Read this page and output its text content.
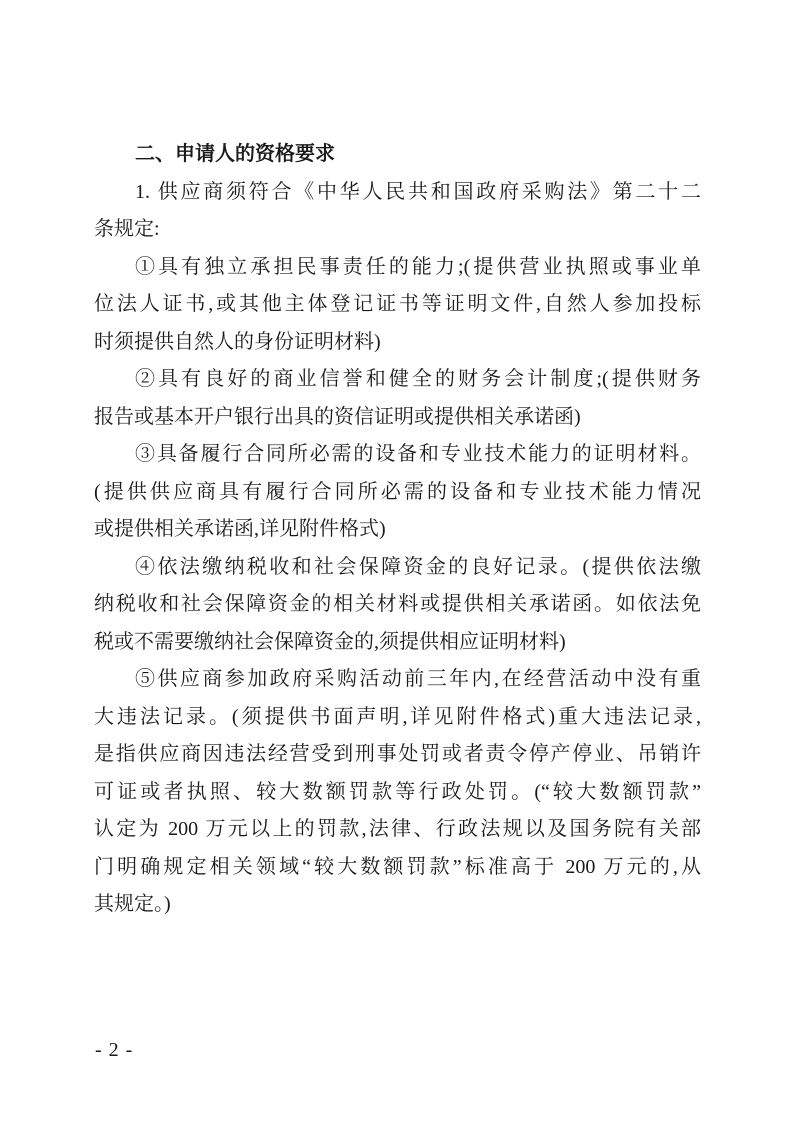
二、申请人的资格要求
1. 供应商须符合《中华人民共和国政府采购法》第二十二
条规定:
①具有独立承担民事责任的能力;(提供营业执照或事业单
位法人证书,或其他主体登记证书等证明文件,自然人参加投标
时须提供自然人的身份证明材料)
②具有良好的商业信誉和健全的财务会计制度;(提供财务
报告或基本开户银行出具的资信证明或提供相关承诺函)
③具备履行合同所必需的设备和专业技术能力的证明材料。
(提供供应商具有履行合同所必需的设备和专业技术能力情况
或提供相关承诺函,详见附件格式)
④依法缴纳税收和社会保障资金的良好记录。(提供依法缴
纳税收和社会保障资金的相关材料或提供相关承诺函。如依法免
税或不需要缴纳社会保障资金的,须提供相应证明材料)
⑤供应商参加政府采购活动前三年内,在经营活动中没有重
大违法记录。(须提供书面声明,详见附件格式)重大违法记录,
是指供应商因违法经营受到刑事处罚或者责令停产停业、吊销许
可证或者执照、较大数额罚款等行政处罚。(“较大数额罚款”
认定为 200 万元以上的罚款,法律、行政法规以及国务院有关部
门明确规定相关领域“较大数额罚款”标准高于 200 万元的,从
其规定。)
- 2 -
